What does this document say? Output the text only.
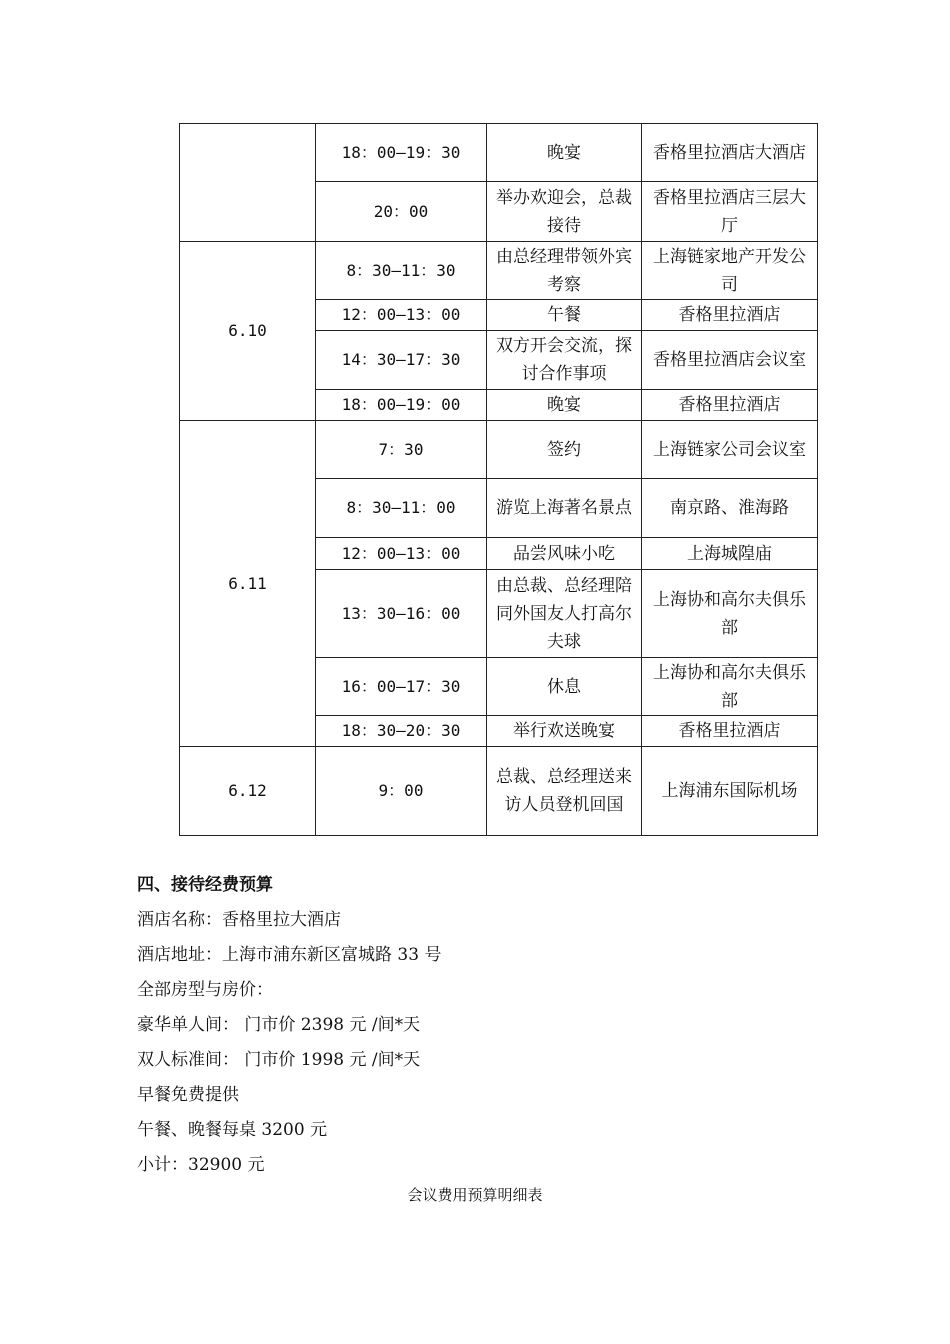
	18：00—19：30	晚宴	香格里拉酒店大酒店
	20：00	举办欢迎会，总裁接待	香格里拉酒店三层大厅
6.10	8：30—11：30	由总经理带领外宾考察	上海链家地产开发公司
	12：00—13：00	午餐	香格里拉酒店
	14：30—17：30	双方开会交流，探讨合作事项	香格里拉酒店会议室
	18：00—19：00	晚宴	香格里拉酒店
6.11	7：30	签约	上海链家公司会议室
	8：30—11：00	游览上海著名景点	南京路、淮海路
	12：00—13：00	品尝风味小吃	上海城隍庙
	13：30—16：00	由总裁、总经理陪同外国友人打高尔夫球	上海协和高尔夫俱乐部
	16：00—17：30	休息	上海协和高尔夫俱乐部
	18：30—20：30	举行欢送晚宴	香格里拉酒店
6.12	9：00	总裁、总经理送来访人员登机回国	上海浦东国际机场
四、接待经费预算
酒店名称：香格里拉大酒店
酒店地址：上海市浦东新区富城路 33 号
全部房型与房价：
豪华单人间： 门市价 2398 元 /间*天
双人标准间： 门市价 1998 元 /间*天
早餐免费提供
午餐、晚餐每桌 3200 元
小计：32900 元
会议费用预算明细表
